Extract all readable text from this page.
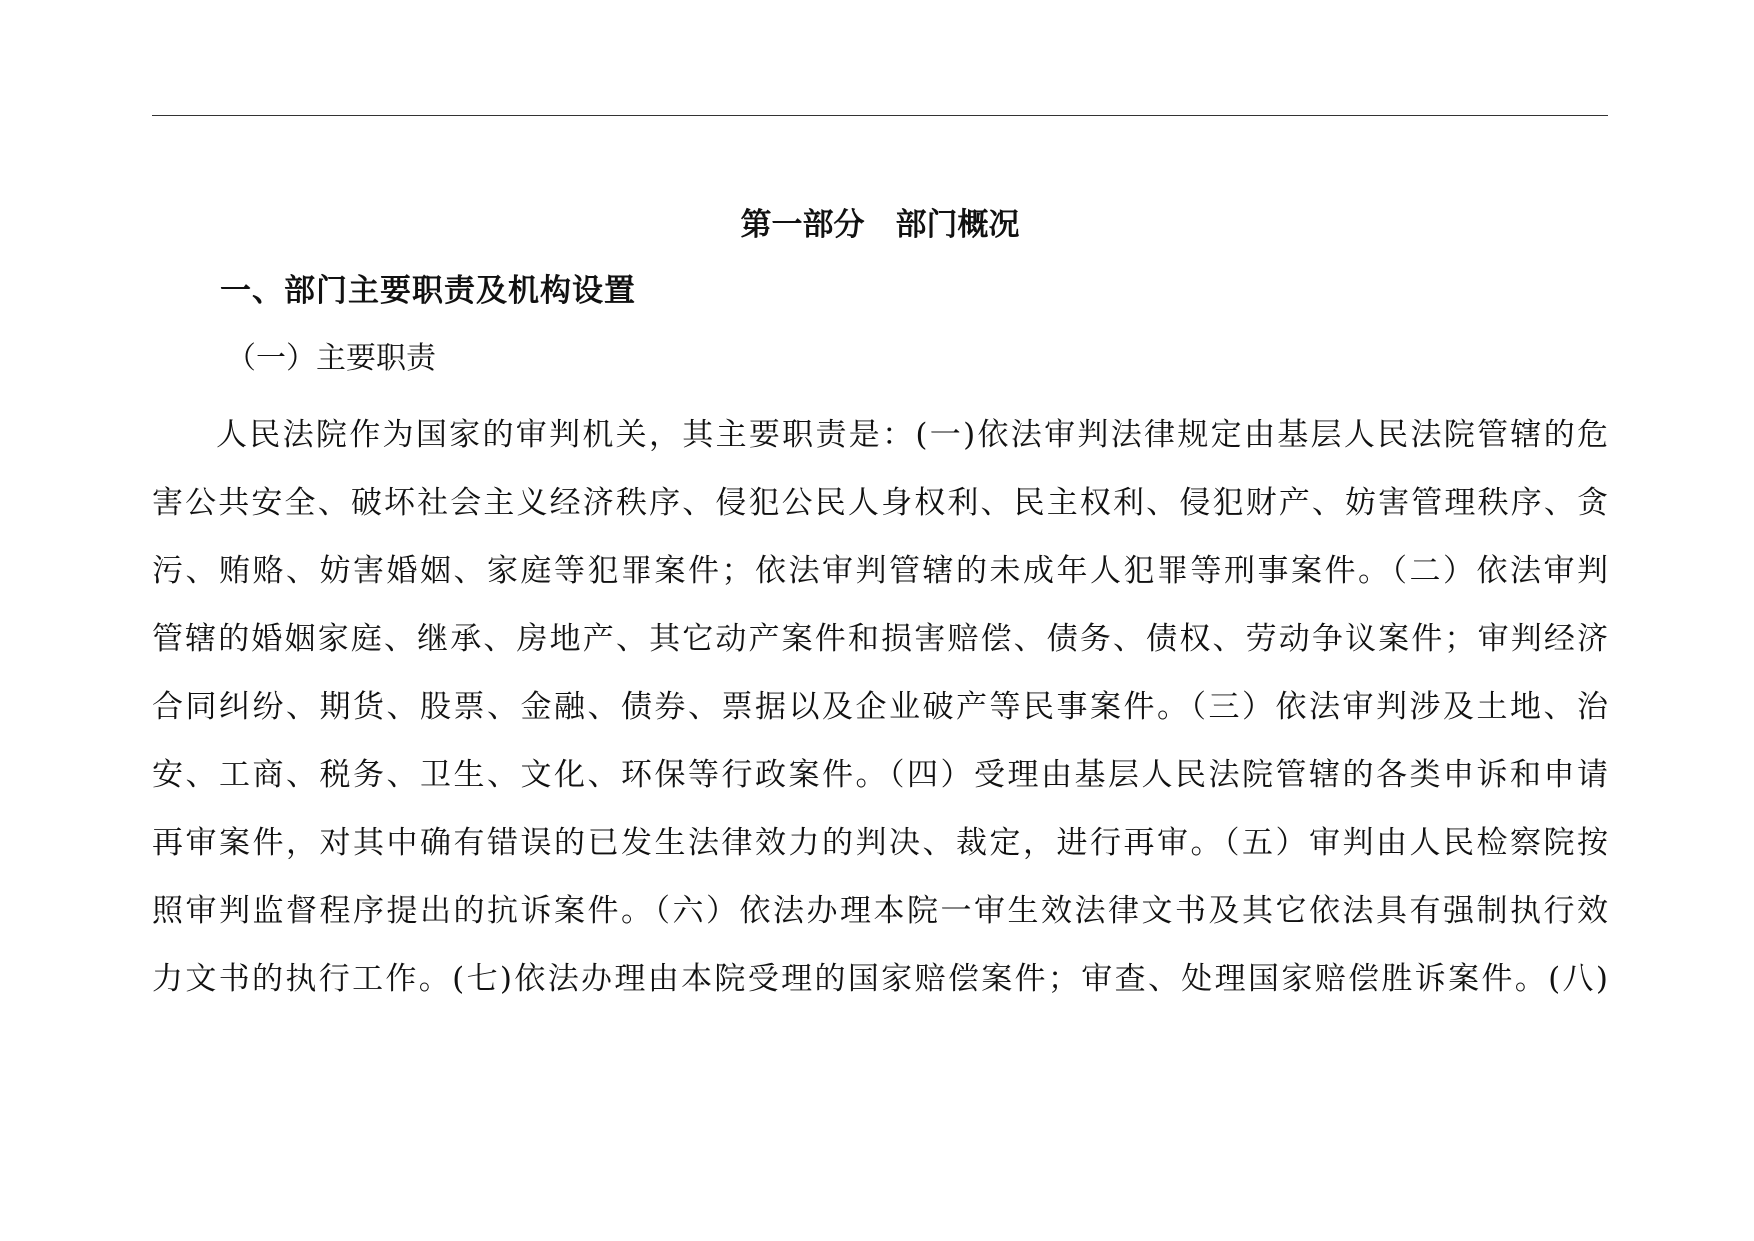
第一部分　部门概况
一、部门主要职责及机构设置
（一）主要职责
人民法院作为国家的审判机关，其主要职责是：(一)依法审判法律规定由基层人民法院管辖的危
害公共安全、破坏社会主义经济秩序、侵犯公民人身权利、民主权利、侵犯财产、妨害管理秩序、贪
污、贿赂、妨害婚姻、家庭等犯罪案件；依法审判管辖的未成年人犯罪等刑事案件。（二）依法审判
管辖的婚姻家庭、继承、房地产、其它动产案件和损害赔偿、债务、债权、劳动争议案件；审判经济
合同纠纷、期货、股票、金融、债券、票据以及企业破产等民事案件。（三）依法审判涉及土地、治
安、工商、税务、卫生、文化、环保等行政案件。（四）受理由基层人民法院管辖的各类申诉和申请
再审案件，对其中确有错误的已发生法律效力的判决、裁定，进行再审。（五）审判由人民检察院按
照审判监督程序提出的抗诉案件。（六）依法办理本院一审生效法律文书及其它依法具有强制执行效
力文书的执行工作。(七)依法办理由本院受理的国家赔偿案件；审查、处理国家赔偿胜诉案件。(八)
